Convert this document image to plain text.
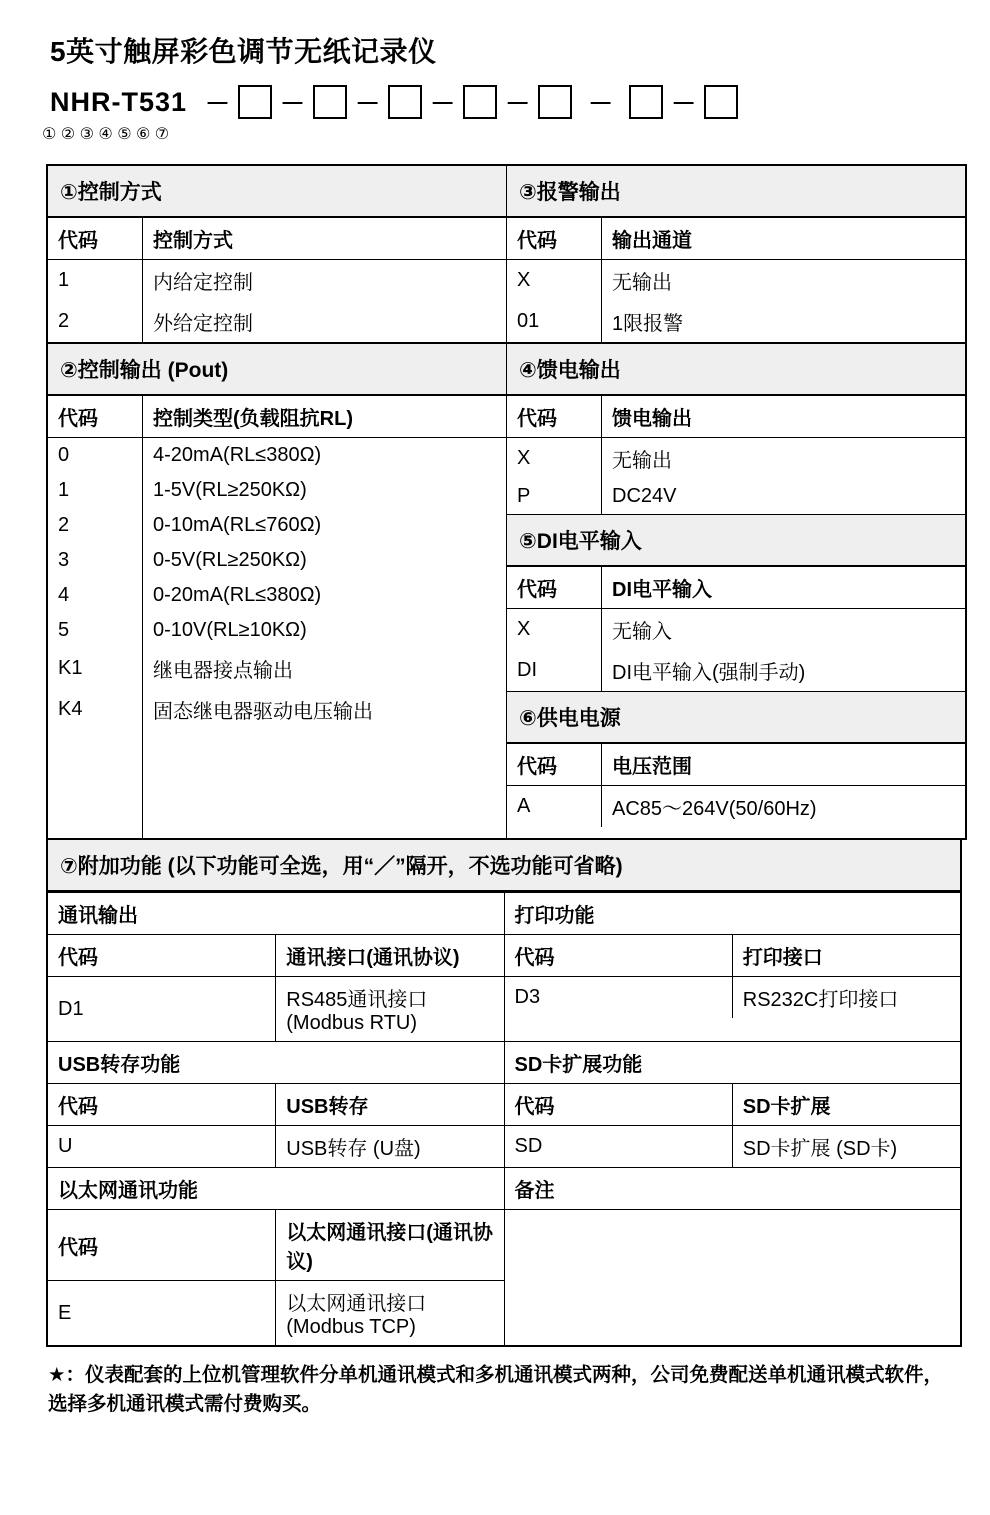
5英寸触屏彩色调节无纸记录仪
NHR-T531 －	－	－	－	－	－	－
① ② ③ ④ ⑤ ⑥ ⑦
①控制方式
代码	控制方式
1	内给定控制
2	外给定控制
②控制输出 (Pout)
代码	控制类型(负载阻抗RL)
0	4-20mA(RL≤380Ω)
1	1-5V(RL≥250KΩ)
2	0-10mA(RL≤760Ω)
3	0-5V(RL≥250KΩ)
4	0-20mA(RL≤380Ω)
5	0-10V(RL≥10KΩ)
K1	继电器接点输出
K4	固态继电器驱动电压输出

③报警输出
代码	输出通道
X	无输出
01	1限报警
④馈电输出
代码	馈电输出
X	无输出
P	DC24V
⑤DI电平输入
代码	DI电平输入
X	无输入
DI	DI电平输入(强制手动)
⑥供电电源
代码	电压范围
A	AC85～264V(50/60Hz)
⑦附加功能 (以下功能可全选，用“／”隔开，不选功能可省略)

通讯输出
代码	通讯接口(通讯协议)
D1	RS485通讯接口(Modbus RTU)

打印功能
代码	打印接口
D3	RS232C打印接口

USB转存功能
代码	USB转存
U	USB转存 (U盘)

SD卡扩展功能
代码	SD卡扩展
SD	SD卡扩展 (SD卡)

以太网通讯功能
代码	以太网通讯接口(通讯协议)
E	以太网通讯接口(Modbus TCP)

备注

★：仪表配套的上位机管理软件分单机通讯模式和多机通讯模式两种，公司免费配送单机通讯模式软件，选择多机通讯模式需付费购买。
